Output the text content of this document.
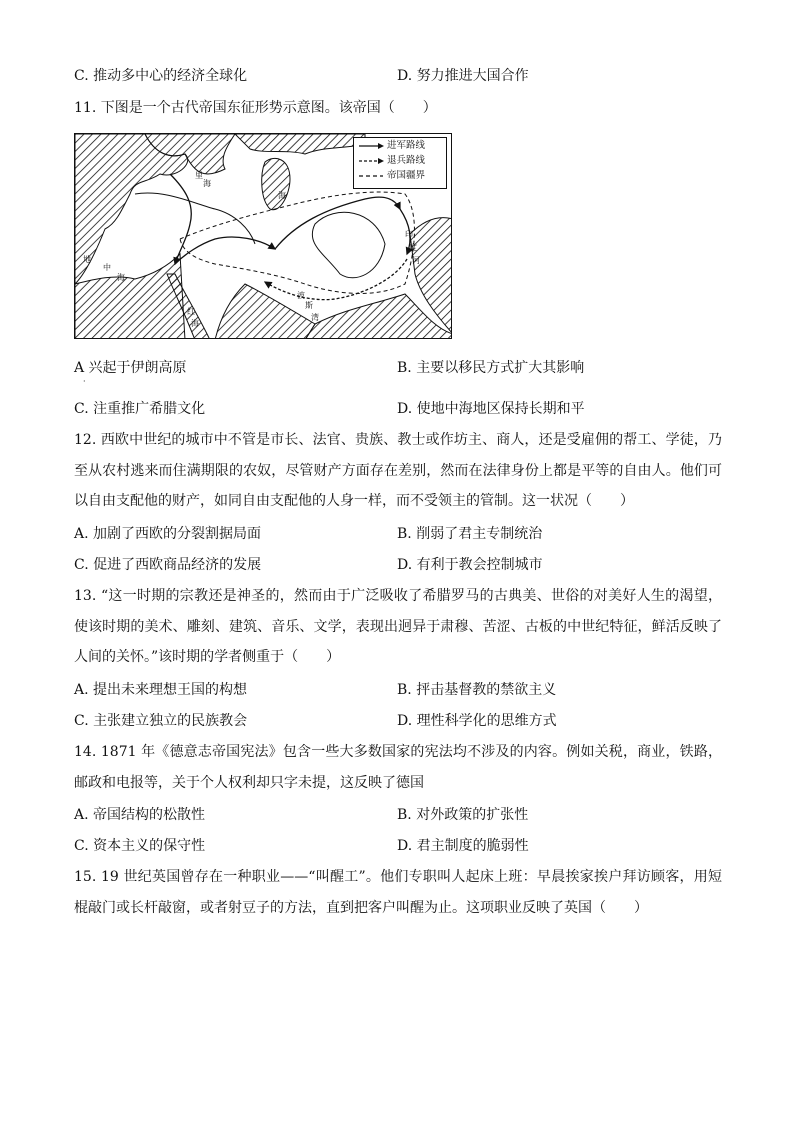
C. 推动多中心的经济全球化	D. 努力推进大国合作
11. 下图是一个古代帝国东征形势示意图。该帝国（　　）
里
海
海
地
中
海
红
海
波
斯
湾
印
度
河
进军路线
退兵路线
帝国疆界
A 兴起于伊朗高原	B. 主要以移民方式扩大其影响
·
C. 注重推广希腊文化	D. 使地中海地区保持长期和平
12. 西欧中世纪的城市中不管是市长、法官、贵族、教士或作坊主、商人，还是受雇佣的帮工、学徒，乃至从农村逃来而住满期限的农奴，尽管财产方面存在差别，然而在法律身份上都是平等的自由人。他们可以自由支配他的财产，如同自由支配他的人身一样，而不受领主的管制。这一状况（　　）
A. 加剧了西欧的分裂割据局面	B. 削弱了君主专制统治
C. 促进了西欧商品经济的发展	D. 有利于教会控制城市
13. “这一时期的宗教还是神圣的，然而由于广泛吸收了希腊罗马的古典美、世俗的对美好人生的渴望，使该时期的美术、雕刻、建筑、音乐、文学，表现出迥异于肃穆、苦涩、古板的中世纪特征，鲜活反映了人间的关怀。”该时期的学者侧重于（　　）
A. 提出未来理想王国的构想	B. 抨击基督教的禁欲主义
C. 主张建立独立的民族教会	D. 理性科学化的思维方式
14. 1871 年《德意志帝国宪法》包含一些大多数国家的宪法均不涉及的内容。例如关税，商业，铁路，邮政和电报等，关于个人权利却只字未提，这反映了德国
A. 帝国结构的松散性	B. 对外政策的扩张性
C. 资本主义的保守性	D. 君主制度的脆弱性
15. 19 世纪英国曾存在一种职业——“叫醒工”。他们专职叫人起床上班：早晨挨家挨户拜访顾客，用短棍敲门或长杆敲窗，或者射豆子的方法，直到把客户叫醒为止。这项职业反映了英国（　　）
